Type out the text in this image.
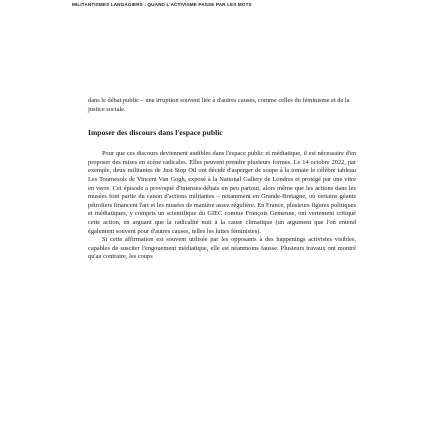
MILITANTISMES LANGAGIERS : QUAND L'ACTIVISME PASSE PAR LES MOTS

dans le débat public – une irruption souvent liée à d'autres causes, comme celles du féminisme et de la justice sociale.

Imposer des discours dans l'espace public

Pour que ces discours deviennent audibles dans l'espace public et médiatique, il est nécessaire d'en proposer des mises en scène radicales. Elles peuvent prendre plusieurs formes. Le 14 octobre 2022, par exemple, deux militantes de Just Stop Oil ont décidé d'asperger de soupe à la tomate le célèbre tableau Les Tournesols de Vincent Van Gogh, exposé à la National Gallery de Londres et protégé par une vitre en verre. Cet épisode a provoqué d'intenses débats un peu partout, alors même que les actions dans les musées font partie du canon d'actions militantes – notamment en Grande-Bretagne, où certains géants pétroliers financent l'art et les musées de manière assez régulière. En France, plusieurs figures politiques et médiatiques, y compris un scientifique du GIEC comme François Gemenne, ont vertement critiqué cette action, en arguant que la radicalité nuit à la cause climatique (un argument que l'on entend également souvent pour d'autres causes, telles les luttes féministes).

Si cette affirmation est souvent utilisée par les opposants à des happenings activistes visibles, capables de susciter l'engouement médiatique, elle est néanmoins fausse. Plusieurs travaux ont montré qu'au contraire, les coups
